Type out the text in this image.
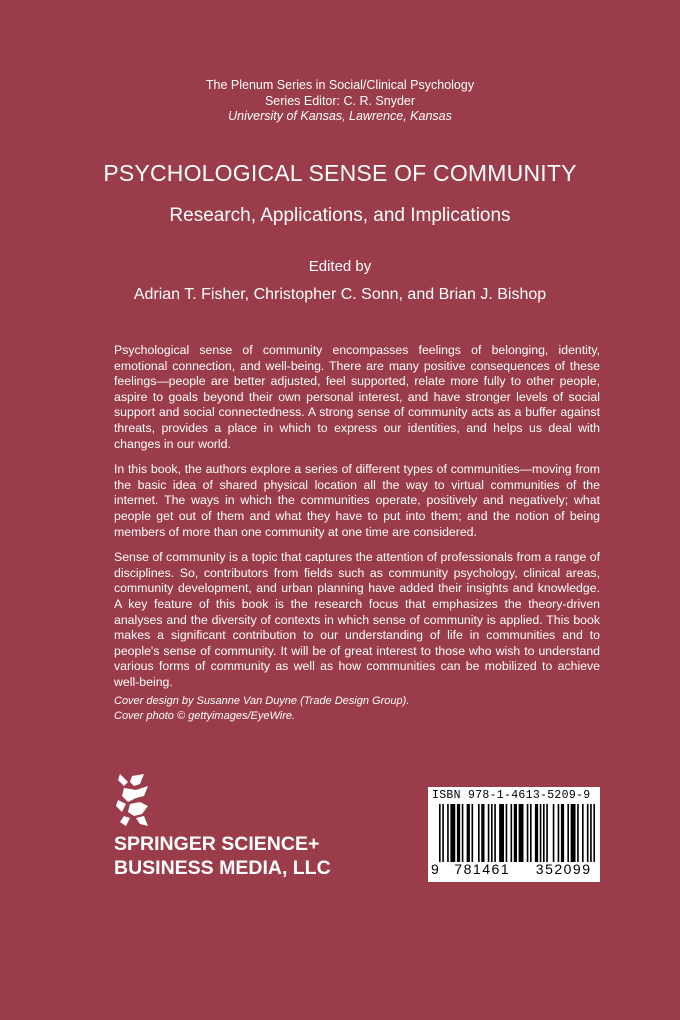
The Plenum Series in Social/Clinical Psychology
Series Editor: C. R. Snyder
University of Kansas, Lawrence, Kansas
PSYCHOLOGICAL SENSE OF COMMUNITY
Research, Applications, and Implications
Edited by
Adrian T. Fisher, Christopher C. Sonn, and Brian J. Bishop

Psychological sense of community encompasses feelings of belonging, identity, emotional connection, and well-being. There are many positive consequences of these feelings—people are better adjusted, feel supported, relate more fully to other people, aspire to goals beyond their own personal interest, and have stronger levels of social support and social connectedness. A strong sense of community acts as a buffer against threats, provides a place in which to express our identities, and helps us deal with changes in our world.

In this book, the authors explore a series of different types of communities—moving from the basic idea of shared physical location all the way to virtual communities of the internet. The ways in which the communities operate, positively and negatively; what people get out of them and what they have to put into them; and the notion of being members of more than one community at one time are considered.

Sense of community is a topic that captures the attention of professionals from a range of disciplines. So, contributors from fields such as community psychology, clinical areas, community development, and urban planning have added their insights and knowledge. A key feature of this book is the research focus that emphasizes the theory-driven analyses and the diversity of contexts in which sense of community is applied. This book makes a significant contribution to our understanding of life in communities and to people's sense of community. It will be of great interest to those who wish to understand various forms of community as well as how communities can be mobilized to achieve well-being.

Cover design by Susanne Van Duyne (Trade Design Group).
Cover photo © gettyimages/EyeWire.
SPRINGER SCIENCE+
BUSINESS MEDIA, LLC
ISBN 978-1-4613-5209-9
9 781461 352099
